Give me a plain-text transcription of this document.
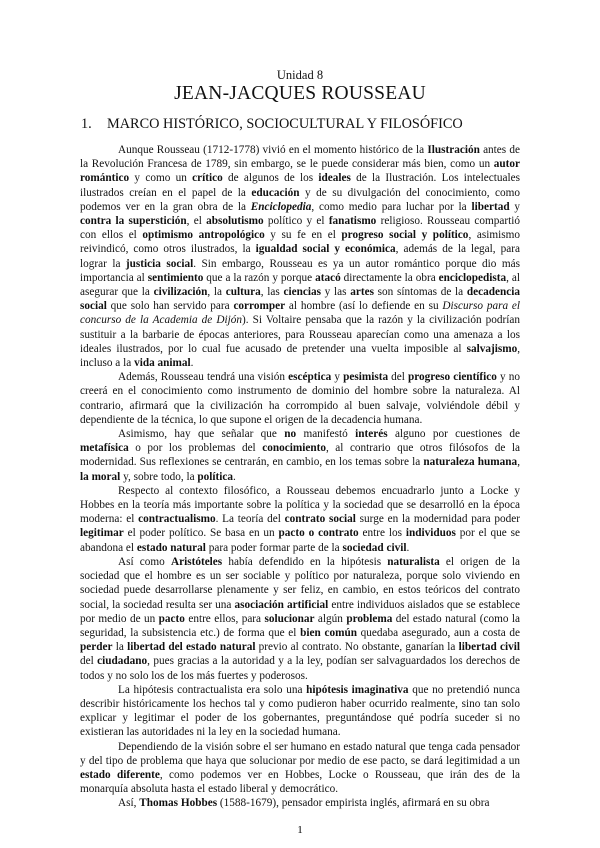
Unidad 8

JEAN-JACQUES ROUSSEAU
1. MARCO HISTÓRICO, SOCIOCULTURAL Y FILOSÓFICO

Aunque Rousseau (1712-1778) vivió en el momento histórico de la Ilustración antes de la Revolución Francesa de 1789, sin embargo, se le puede considerar más bien, como un autor romántico y como un crítico de algunos de los ideales de la Ilustración. Los intelectuales ilustrados creían en el papel de la educación y de su divulgación del conocimiento, como podemos ver en la gran obra de la Enciclopedia, como medio para luchar por la libertad y contra la superstición, el absolutismo político y el fanatismo religioso. Rousseau compartió con ellos el optimismo antropológico y su fe en el progreso social y político, asimismo reivindicó, como otros ilustrados, la igualdad social y económica, además de la legal, para lograr la justicia social. Sin embargo, Rousseau es ya un autor romántico porque dio más importancia al sentimiento que a la razón y porque atacó directamente la obra enciclopedista, al asegurar que la civilización, la cultura, las ciencias y las artes son síntomas de la decadencia social que solo han servido para corromper al hombre (así lo defiende en su Discurso para el concurso de la Academia de Dijón). Si Voltaire pensaba que la razón y la civilización podrían sustituir a la barbarie de épocas anteriores, para Rousseau aparecían como una amenaza a los ideales ilustrados, por lo cual fue acusado de pretender una vuelta imposible al salvajismo, incluso a la vida animal.

Además, Rousseau tendrá una visión escéptica y pesimista del progreso científico y no creerá en el conocimiento como instrumento de dominio del hombre sobre la naturaleza. Al contrario, afirmará que la civilización ha corrompido al buen salvaje, volviéndole débil y dependiente de la técnica, lo que supone el origen de la decadencia humana.

Asimismo, hay que señalar que no manifestó interés alguno por cuestiones de metafísica o por los problemas del conocimiento, al contrario que otros filósofos de la modernidad. Sus reflexiones se centrarán, en cambio, en los temas sobre la naturaleza humana, la moral y, sobre todo, la política.

Respecto al contexto filosófico, a Rousseau debemos encuadrarlo junto a Locke y Hobbes en la teoría más importante sobre la política y la sociedad que se desarrolló en la época moderna: el contractualismo. La teoría del contrato social surge en la modernidad para poder legitimar el poder político. Se basa en un pacto o contrato entre los individuos por el que se abandona el estado natural para poder formar parte de la sociedad civil.

Así como Aristóteles había defendido en la hipótesis naturalista el origen de la sociedad que el hombre es un ser sociable y político por naturaleza, porque solo viviendo en sociedad puede desarrollarse plenamente y ser feliz, en cambio, en estos teóricos del contrato social, la sociedad resulta ser una asociación artificial entre individuos aislados que se establece por medio de un pacto entre ellos, para solucionar algún problema del estado natural (como la seguridad, la subsistencia etc.) de forma que el bien común quedaba asegurado, aun a costa de perder la libertad del estado natural previo al contrato. No obstante, ganarían la libertad civil del ciudadano, pues gracias a la autoridad y a la ley, podían ser salvaguardados los derechos de todos y no solo los de los más fuertes y poderosos.

La hipótesis contractualista era solo una hipótesis imaginativa que no pretendió nunca describir históricamente los hechos tal y como pudieron haber ocurrido realmente, sino tan solo explicar y legitimar el poder de los gobernantes, preguntándose qué podría suceder si no existieran las autoridades ni la ley en la sociedad humana.

Dependiendo de la visión sobre el ser humano en estado natural que tenga cada pensador y del tipo de problema que haya que solucionar por medio de ese pacto, se dará legitimidad a un estado diferente, como podemos ver en Hobbes, Locke o Rousseau, que irán des de la monarquía absoluta hasta el estado liberal y democrático.

Así, Thomas Hobbes (1588-1679), pensador empirista inglés, afirmará en su obra

1
